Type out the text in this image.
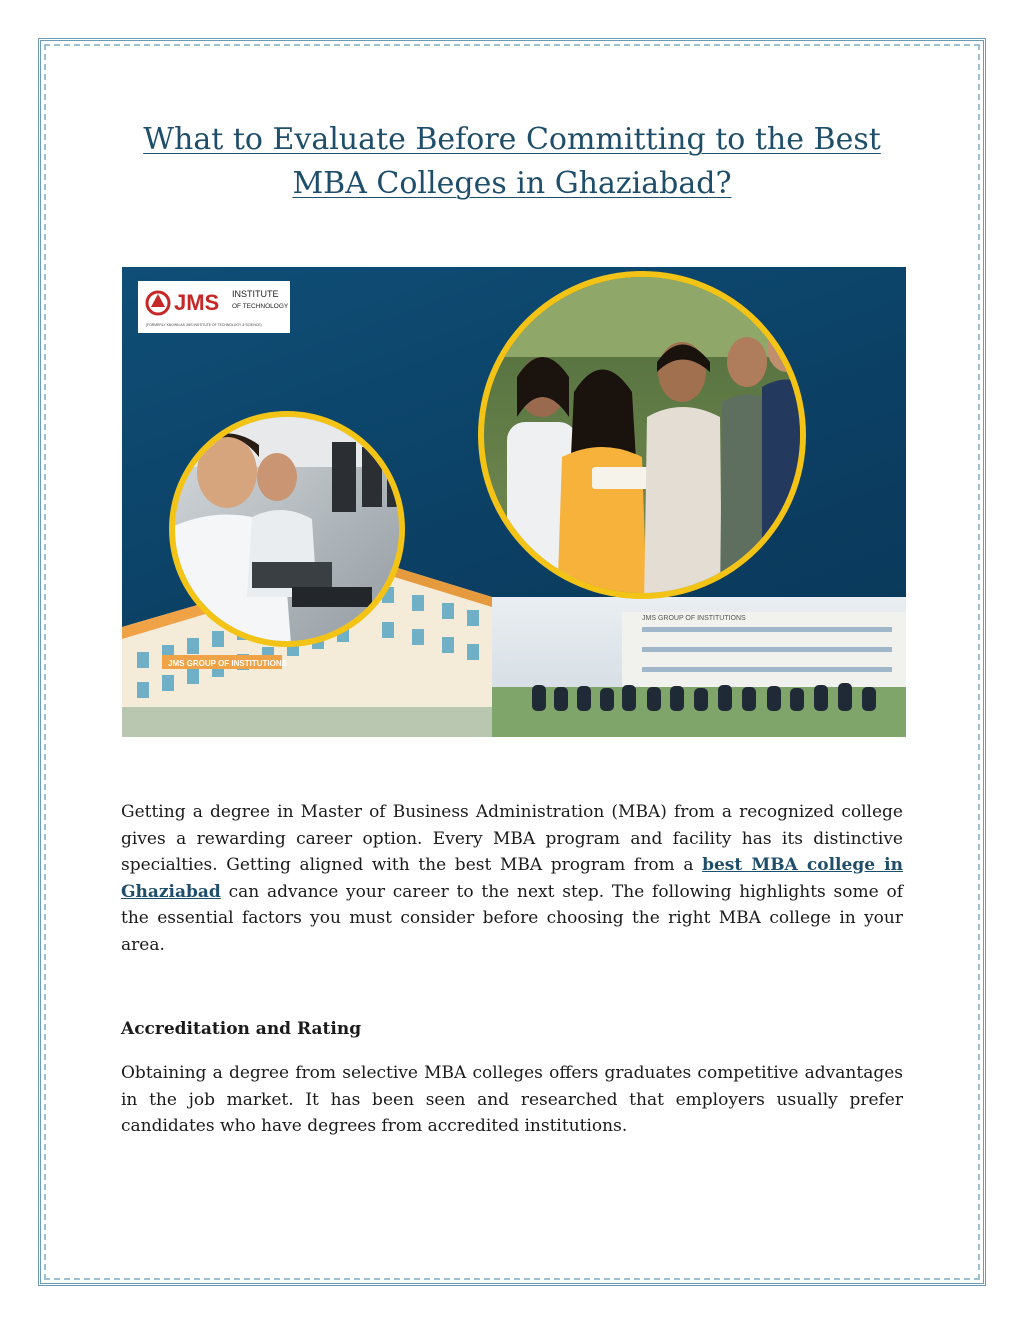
What to Evaluate Before Committing to the Best
MBA Colleges in Ghaziabad?
JMS GROUP OF INSTITUTIONS
JMS GROUP OF INSTITUTIONS
JMS INSTITUTE
OF TECHNOLOGY
(FORMERLY KNOWN AS JMS INSTITUTE OF TECHNOLOGY & SCIENCE)

Getting a degree in Master of Business Administration (MBA) from a recognized college gives a rewarding career option. Every MBA program and facility has its distinctive specialties. Getting aligned with the best MBA program from a best MBA college in Ghaziabad can advance your career to the next step. The following highlights some of the essential factors you must consider before choosing the right MBA college in your area.

Accreditation and Rating

Obtaining a degree from selective MBA colleges offers graduates competitive advantages in the job market. It has been seen and researched that employers usually prefer candidates who have degrees from accredited institutions.
